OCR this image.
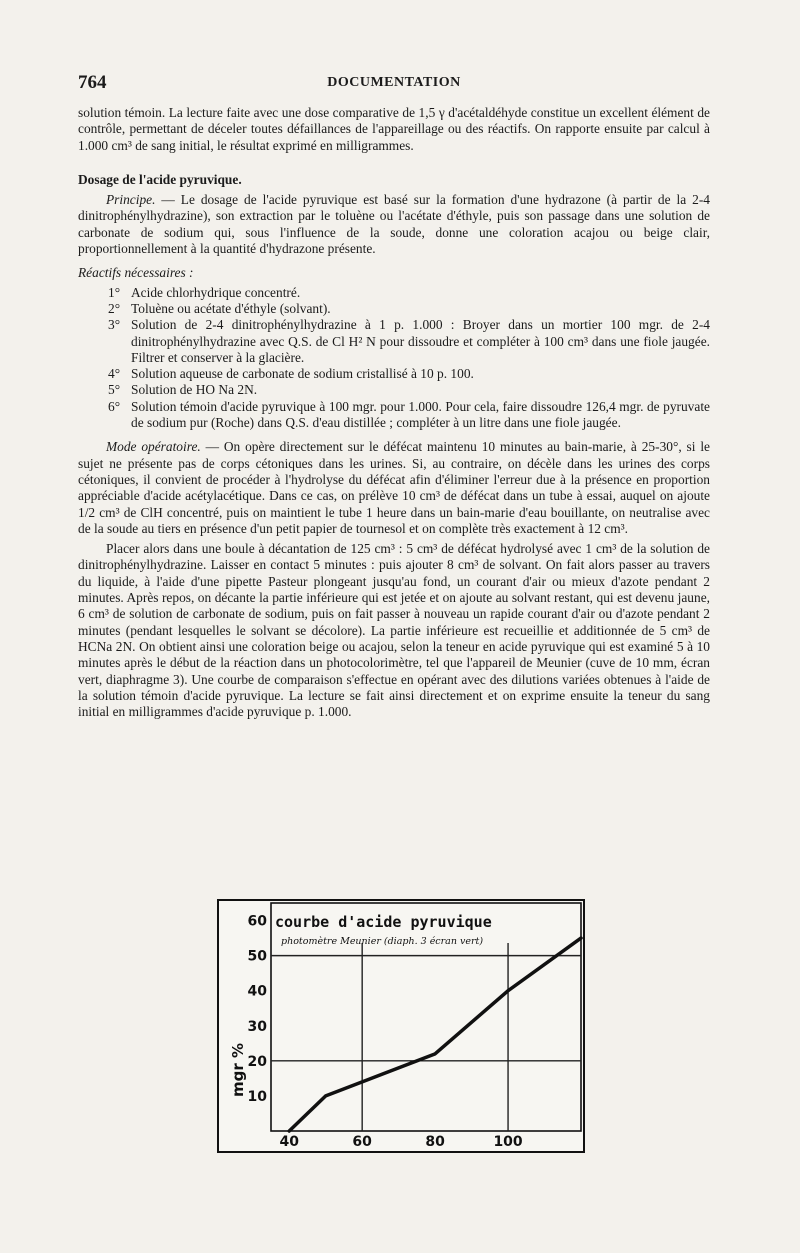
764	DOCUMENTATION

solution témoin. La lecture faite avec une dose comparative de 1,5 γ d'acétaldéhyde constitue un excellent élément de contrôle, permettant de déceler toutes défaillances de l'appareillage ou des réactifs. On rapporte ensuite par calcul à 1.000 cm³ de sang initial, le résultat exprimé en milligrammes.

Dosage de l'acide pyruvique.

Principe. — Le dosage de l'acide pyruvique est basé sur la formation d'une hydrazone (à partir de la 2-4 dinitrophénylhydrazine), son extraction par le toluène ou l'acétate d'éthyle, puis son passage dans une solution de carbonate de sodium qui, sous l'influence de la soude, donne une coloration acajou ou beige clair, proportionnellement à la quantité d'hydrazone présente.

Réactifs nécessaires :

1° Acide chlorhydrique concentré.
2° Toluène ou acétate d'éthyle (solvant).
3° Solution de 2-4 dinitrophénylhydrazine à 1 p. 1.000 : Broyer dans un mortier 100 mgr. de 2-4 dinitrophénylhydrazine avec Q.S. de Cl H² N pour dissoudre et compléter à 100 cm³ dans une fiole jaugée. Filtrer et conserver à la glacière.
4° Solution aqueuse de carbonate de sodium cristallisé à 10 p. 100.
5° Solution de HO Na 2N.
6° Solution témoin d'acide pyruvique à 100 mgr. pour 1.000. Pour cela, faire dissoudre 126,4 mgr. de pyruvate de sodium pur (Roche) dans Q.S. d'eau distillée ; compléter à un litre dans une fiole jaugée.

Mode opératoire. — On opère directement sur le défécat maintenu 10 minutes au bain-marie, à 25-30°, si le sujet ne présente pas de corps cétoniques dans les urines. Si, au contraire, on décèle dans les urines des corps cétoniques, il convient de procéder à l'hydrolyse du défécat afin d'éliminer l'erreur due à la présence en proportion appréciable d'acide acétylacétique. Dans ce cas, on prélève 10 cm³ de défécat dans un tube à essai, auquel on ajoute 1/2 cm³ de ClH concentré, puis on maintient le tube 1 heure dans un bain-marie d'eau bouillante, on neutralise avec de la soude au tiers en présence d'un petit papier de tournesol et on complète très exactement à 12 cm³.

Placer alors dans une boule à décantation de 125 cm³ : 5 cm³ de défécat hydrolysé avec 1 cm³ de la solution de dinitrophénylhydrazine. Laisser en contact 5 minutes : puis ajouter 8 cm³ de solvant. On fait alors passer au travers du liquide, à l'aide d'une pipette Pasteur plongeant jusqu'au fond, un courant d'air ou mieux d'azote pendant 2 minutes. Après repos, on décante la partie inférieure qui est jetée et on ajoute au solvant restant, qui est devenu jaune, 6 cm³ de solution de carbonate de sodium, puis on fait passer à nouveau un rapide courant d'air ou d'azote pendant 2 minutes (pendant lesquelles le solvant se décolore). La partie inférieure est recueillie et additionnée de 5 cm³ de HCNa 2N. On obtient ainsi une coloration beige ou acajou, selon la teneur en acide pyruvique qui est examiné 5 à 10 minutes après le début de la réaction dans un photocolorimètre, tel que l'appareil de Meunier (cuve de 10 mm, écran vert, diaphragme 3). Une courbe de comparaison s'effectue en opérant avec des dilutions variées obtenues à l'aide de la solution témoin d'acide pyruvique. La lecture se fait ainsi directement et on exprime ensuite la teneur du sang initial en milligrammes d'acide pyruvique p. 1.000.

10
20
30
40
50
60
40	60	80	100
courbe d'acide pyruvique
photomètre Meunier (diaph. 3 écran vert)
mgr %
